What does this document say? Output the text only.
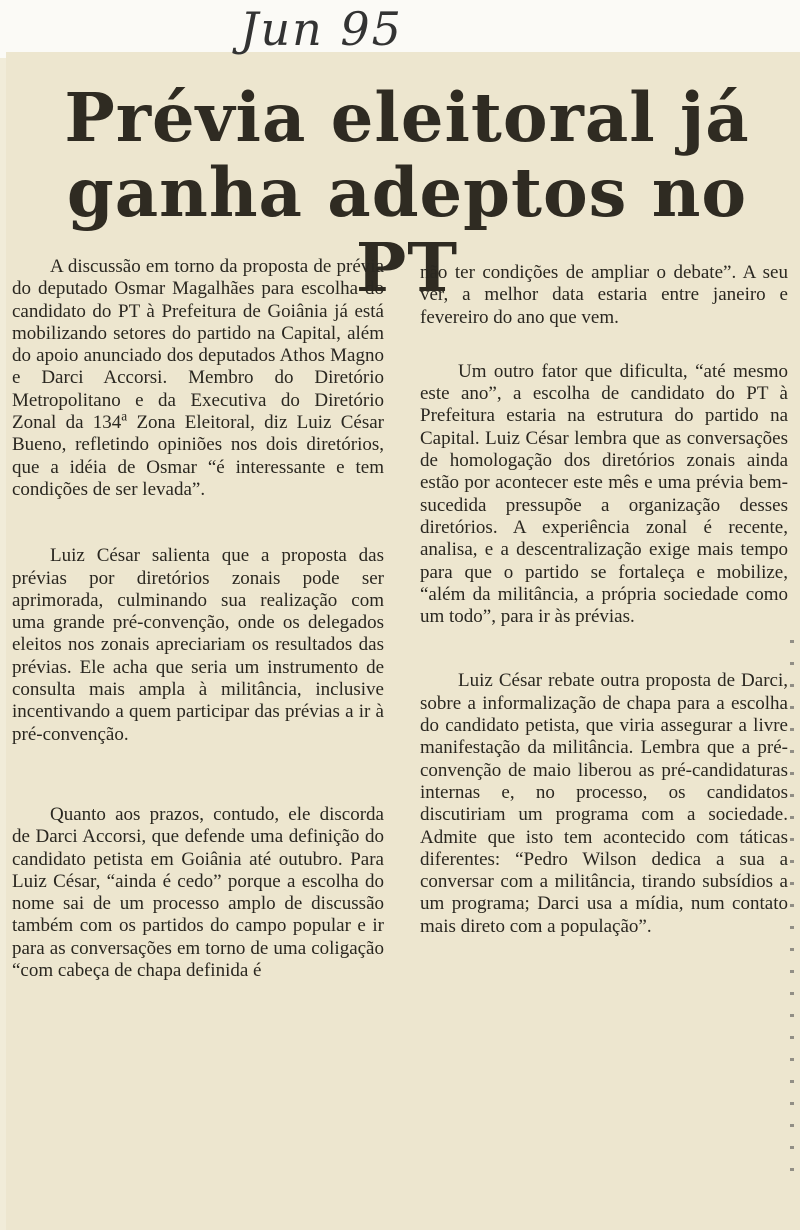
Jun 95
Prévia eleitoral já ganha adeptos no PT

A discussão em torno da proposta de prévia do deputado Osmar Magalhães para escolha do candidato do PT à Prefeitura de Goiânia já está mobilizando setores do partido na Capital, além do apoio anunciado dos deputados Athos Magno e Darci Accorsi. Membro do Diretório Metropolitano e da Executiva do Diretório Zonal da 134$^a$ Zona Eleitoral, diz Luiz César Bueno, refletindo opiniões nos dois diretórios, que a idéia de Osmar “é interessante e tem condições de ser levada”.

Luiz César salienta que a proposta das prévias por diretórios zonais pode ser aprimorada, culminando sua realização com uma grande pré-convenção, onde os delegados eleitos nos zonais apreciariam os resultados das prévias. Ele acha que seria um instrumento de consulta mais ampla à militância, inclusive incentivando a quem participar das prévias a ir à pré-convenção.

Quanto aos prazos, contudo, ele discorda de Darci Accorsi, que defende uma definição do candidato petista em Goiânia até outubro. Para Luiz César, “ainda é cedo” porque a escolha do nome sai de um processo amplo de discussão também com os partidos do campo popular e ir para as conversações em torno de uma coligação “com cabeça de chapa definida é

não ter condições de ampliar o debate”. A seu ver, a melhor data estaria entre janeiro e fevereiro do ano que vem.

Um outro fator que dificulta, “até mesmo este ano”, a escolha de candidato do PT à Prefeitura estaria na estrutura do partido na Capital. Luiz César lembra que as conversações de homologação dos diretórios zonais ainda estão por acontecer este mês e uma prévia bem-sucedida pressupõe a organização desses diretórios. A experiência zonal é recente, analisa, e a descentralização exige mais tempo para que o partido se fortaleça e mobilize, “além da militância, a própria sociedade como um todo”, para ir às prévias.

Luiz César rebate outra proposta de Darci, sobre a informalização de chapa para a escolha do candidato petista, que viria assegurar a livre manifestação da militância. Lembra que a pré-convenção de maio liberou as pré-candidaturas internas e, no processo, os candidatos discutiriam um programa com a sociedade. Admite que isto tem acontecido com táticas diferentes: “Pedro Wilson dedica a sua a conversar com a militância, tirando subsídios a um programa; Darci usa a mídia, num contato mais direto com a população”.
